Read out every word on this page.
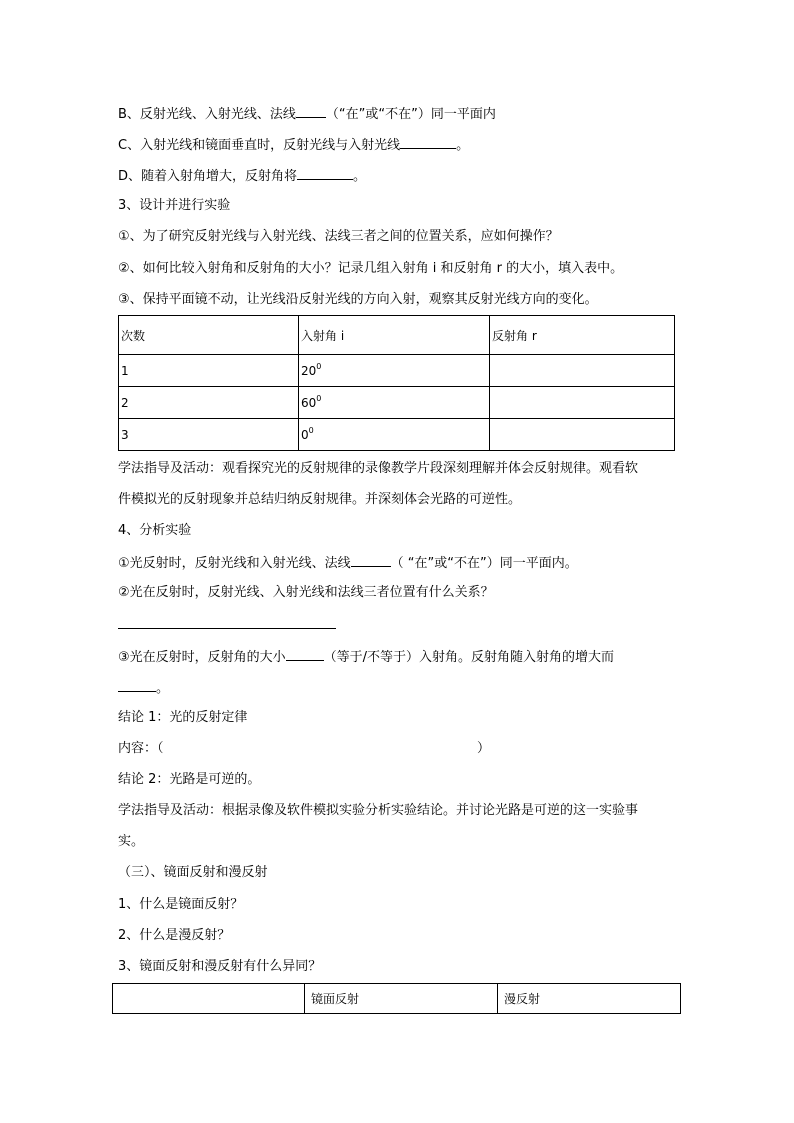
B、反射光线、入射光线、法线 （“在”或“不在”）同一平面内
C、入射光线和镜面垂直时，反射光线与入射光线	。
D、随着入射角增大，反射角将	。
3、设计并进行实验
①、为了研究反射光线与入射光线、法线三者之间的位置关系，应如何操作？
②、如何比较入射角和反射角的大小？记录几组入射角 i 和反射角 r 的大小，填入表中。
③、保持平面镜不动，让光线沿反射光线的方向入射，观察其反射光线方向的变化。
次数	入射角 i	反射角 r
1	$20^0$	
2	$60^0$	
3	$0^0$	
学法指导及活动：观看探究光的反射规律的录像教学片段深刻理解并体会反射规律。观看软
件模拟光的反射现象并总结归纳反射规律。并深刻体会光路的可逆性。
4、分析实验
①光反射时，反射光线和入射光线、法线	（ “在”或“不在”）同一平面内。
②光在反射时，反射光线、入射光线和法线三者位置有什么关系？
③光在反射时，反射角的大小	（等于/不等于）入射角。反射角随入射角的增大而
。
结论 1：光的反射定律
内容：（	）
结论 2：光路是可逆的。
学法指导及活动：根据录像及软件模拟实验分析实验结论。并讨论光路是可逆的这一实验事
实。
（三）、镜面反射和漫反射
1、什么是镜面反射？
2、什么是漫反射？
3、镜面反射和漫反射有什么异同？
	镜面反射	漫反射
